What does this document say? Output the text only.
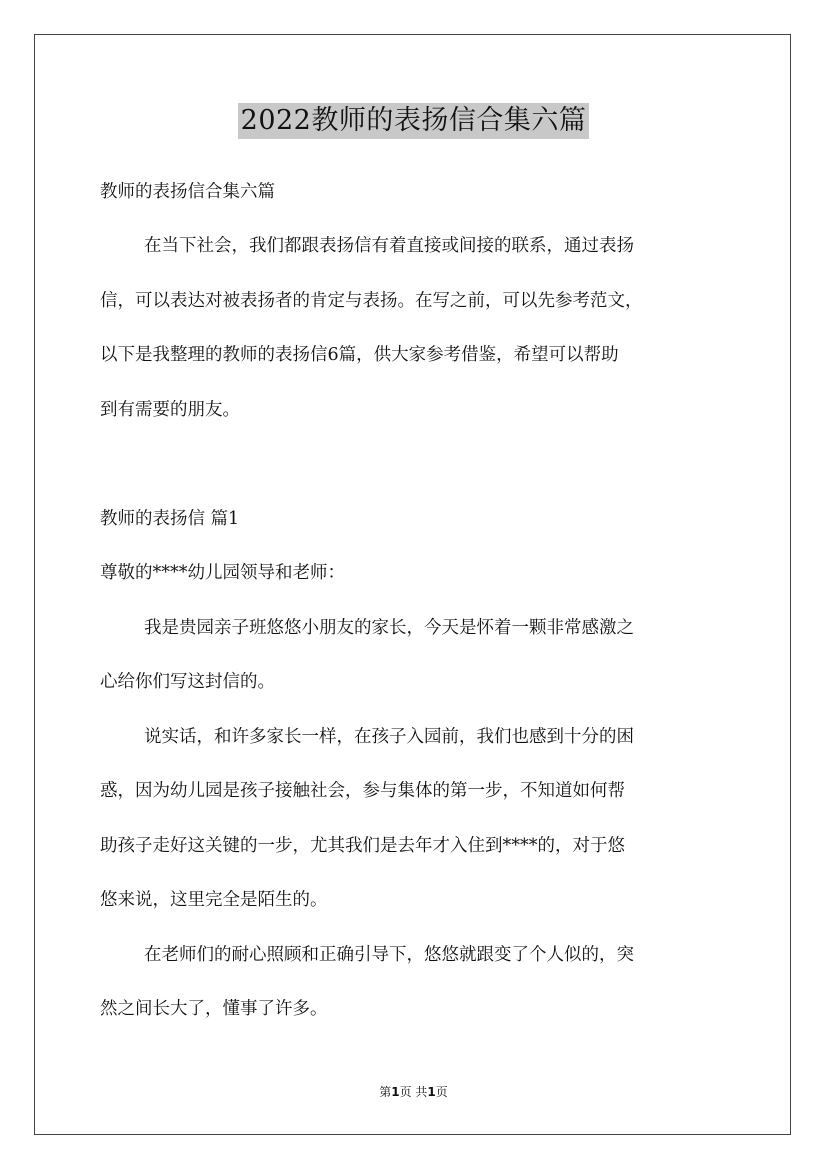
2022教师的表扬信合集六篇
教师的表扬信合集六篇
在当下社会，我们都跟表扬信有着直接或间接的联系，通过表扬
信，可以表达对被表扬者的肯定与表扬。在写之前，可以先参考范文，
以下是我整理的教师的表扬信6篇，供大家参考借鉴，希望可以帮助
到有需要的朋友。
教师的表扬信 篇1
尊敬的****幼儿园领导和老师：
我是贵园亲子班悠悠小朋友的家长，今天是怀着一颗非常感激之
心给你们写这封信的。
说实话，和许多家长一样，在孩子入园前，我们也感到十分的困
惑，因为幼儿园是孩子接触社会，参与集体的第一步，不知道如何帮
助孩子走好这关键的一步，尤其我们是去年才入住到****的，对于悠
悠来说，这里完全是陌生的。
在老师们的耐心照顾和正确引导下，悠悠就跟变了个人似的，突
然之间长大了，懂事了许多。
第1页 共1页
